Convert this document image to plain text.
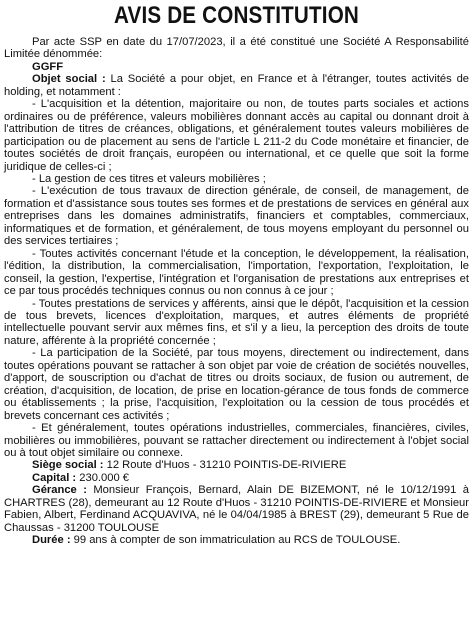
AVIS DE CONSTITUTION

Par acte SSP en date du 17/07/2023, il a été constitué une Société A Responsabilité Limitée dénommée:

GGFF

Objet social : La Société a pour objet, en France et à l'étranger, toutes activités de holding, et notamment :

- L'acquisition et la détention, majoritaire ou non, de toutes parts sociales et actions ordinaires ou de préférence, valeurs mobilières donnant accès au capital ou donnant droit à l'attribution de titres de créances, obligations, et généralement toutes valeurs mobilières de participation ou de placement au sens de l'article L 211-2 du Code monétaire et financier, de toutes sociétés de droit français, européen ou international, et ce quelle que soit la forme juridique de celles-ci ;

- La gestion de ces titres et valeurs mobilières ;

- L'exécution de tous travaux de direction générale, de conseil, de management, de formation et d'assistance sous toutes ses formes et de prestations de services en général aux entreprises dans les domaines administratifs, financiers et comptables, commerciaux, informatiques et de formation, et généralement, de tous moyens employant du personnel ou des services tertiaires ;

- Toutes activités concernant l'étude et la conception, le développement, la réalisation, l'édition, la distribution, la commercialisation, l'importation, l'exportation, l'exploitation, le conseil, la gestion, l'expertise, l'intégration et l'organisation de prestations aux entreprises et ce par tous procédés techniques connus ou non connus à ce jour ;

- Toutes prestations de services y afférents, ainsi que le dépôt, l'acquisition et la cession de tous brevets, licences d'exploitation, marques, et autres éléments de propriété intellectuelle pouvant servir aux mêmes fins, et s'il y a lieu, la perception des droits de toute nature, afférente à la propriété concernée ;

- La participation de la Société, par tous moyens, directement ou indirectement, dans toutes opérations pouvant se rattacher à son objet par voie de création de sociétés nouvelles, d'apport, de souscription ou d'achat de titres ou droits sociaux, de fusion ou autrement, de création, d'acquisition, de location, de prise en location-gérance de tous fonds de commerce ou établissements ; la prise, l'acquisition, l'exploitation ou la cession de tous procédés et brevets concernant ces activités ;

- Et généralement, toutes opérations industrielles, commerciales, financières, civiles, mobilières ou immobilières, pouvant se rattacher directement ou indirectement à l'objet social ou à tout objet similaire ou connexe.

Siège social : 12 Route d'Huos - 31210 POINTIS-DE-RIVIERE

Capital : 230.000 €

Gérance : Monsieur François, Bernard, Alain DE BIZEMONT, né le 10/12/1991 à CHARTRES (28), demeurant au 12 Route d'Huos - 31210 POINTIS-DE-RIVIERE et Monsieur Fabien, Albert, Ferdinand ACQUAVIVA, né le 04/04/1985 à BREST (29), demeurant 5 Rue de Chaussas - 31200 TOULOUSE

Durée : 99 ans à compter de son immatriculation au RCS de TOULOUSE.
